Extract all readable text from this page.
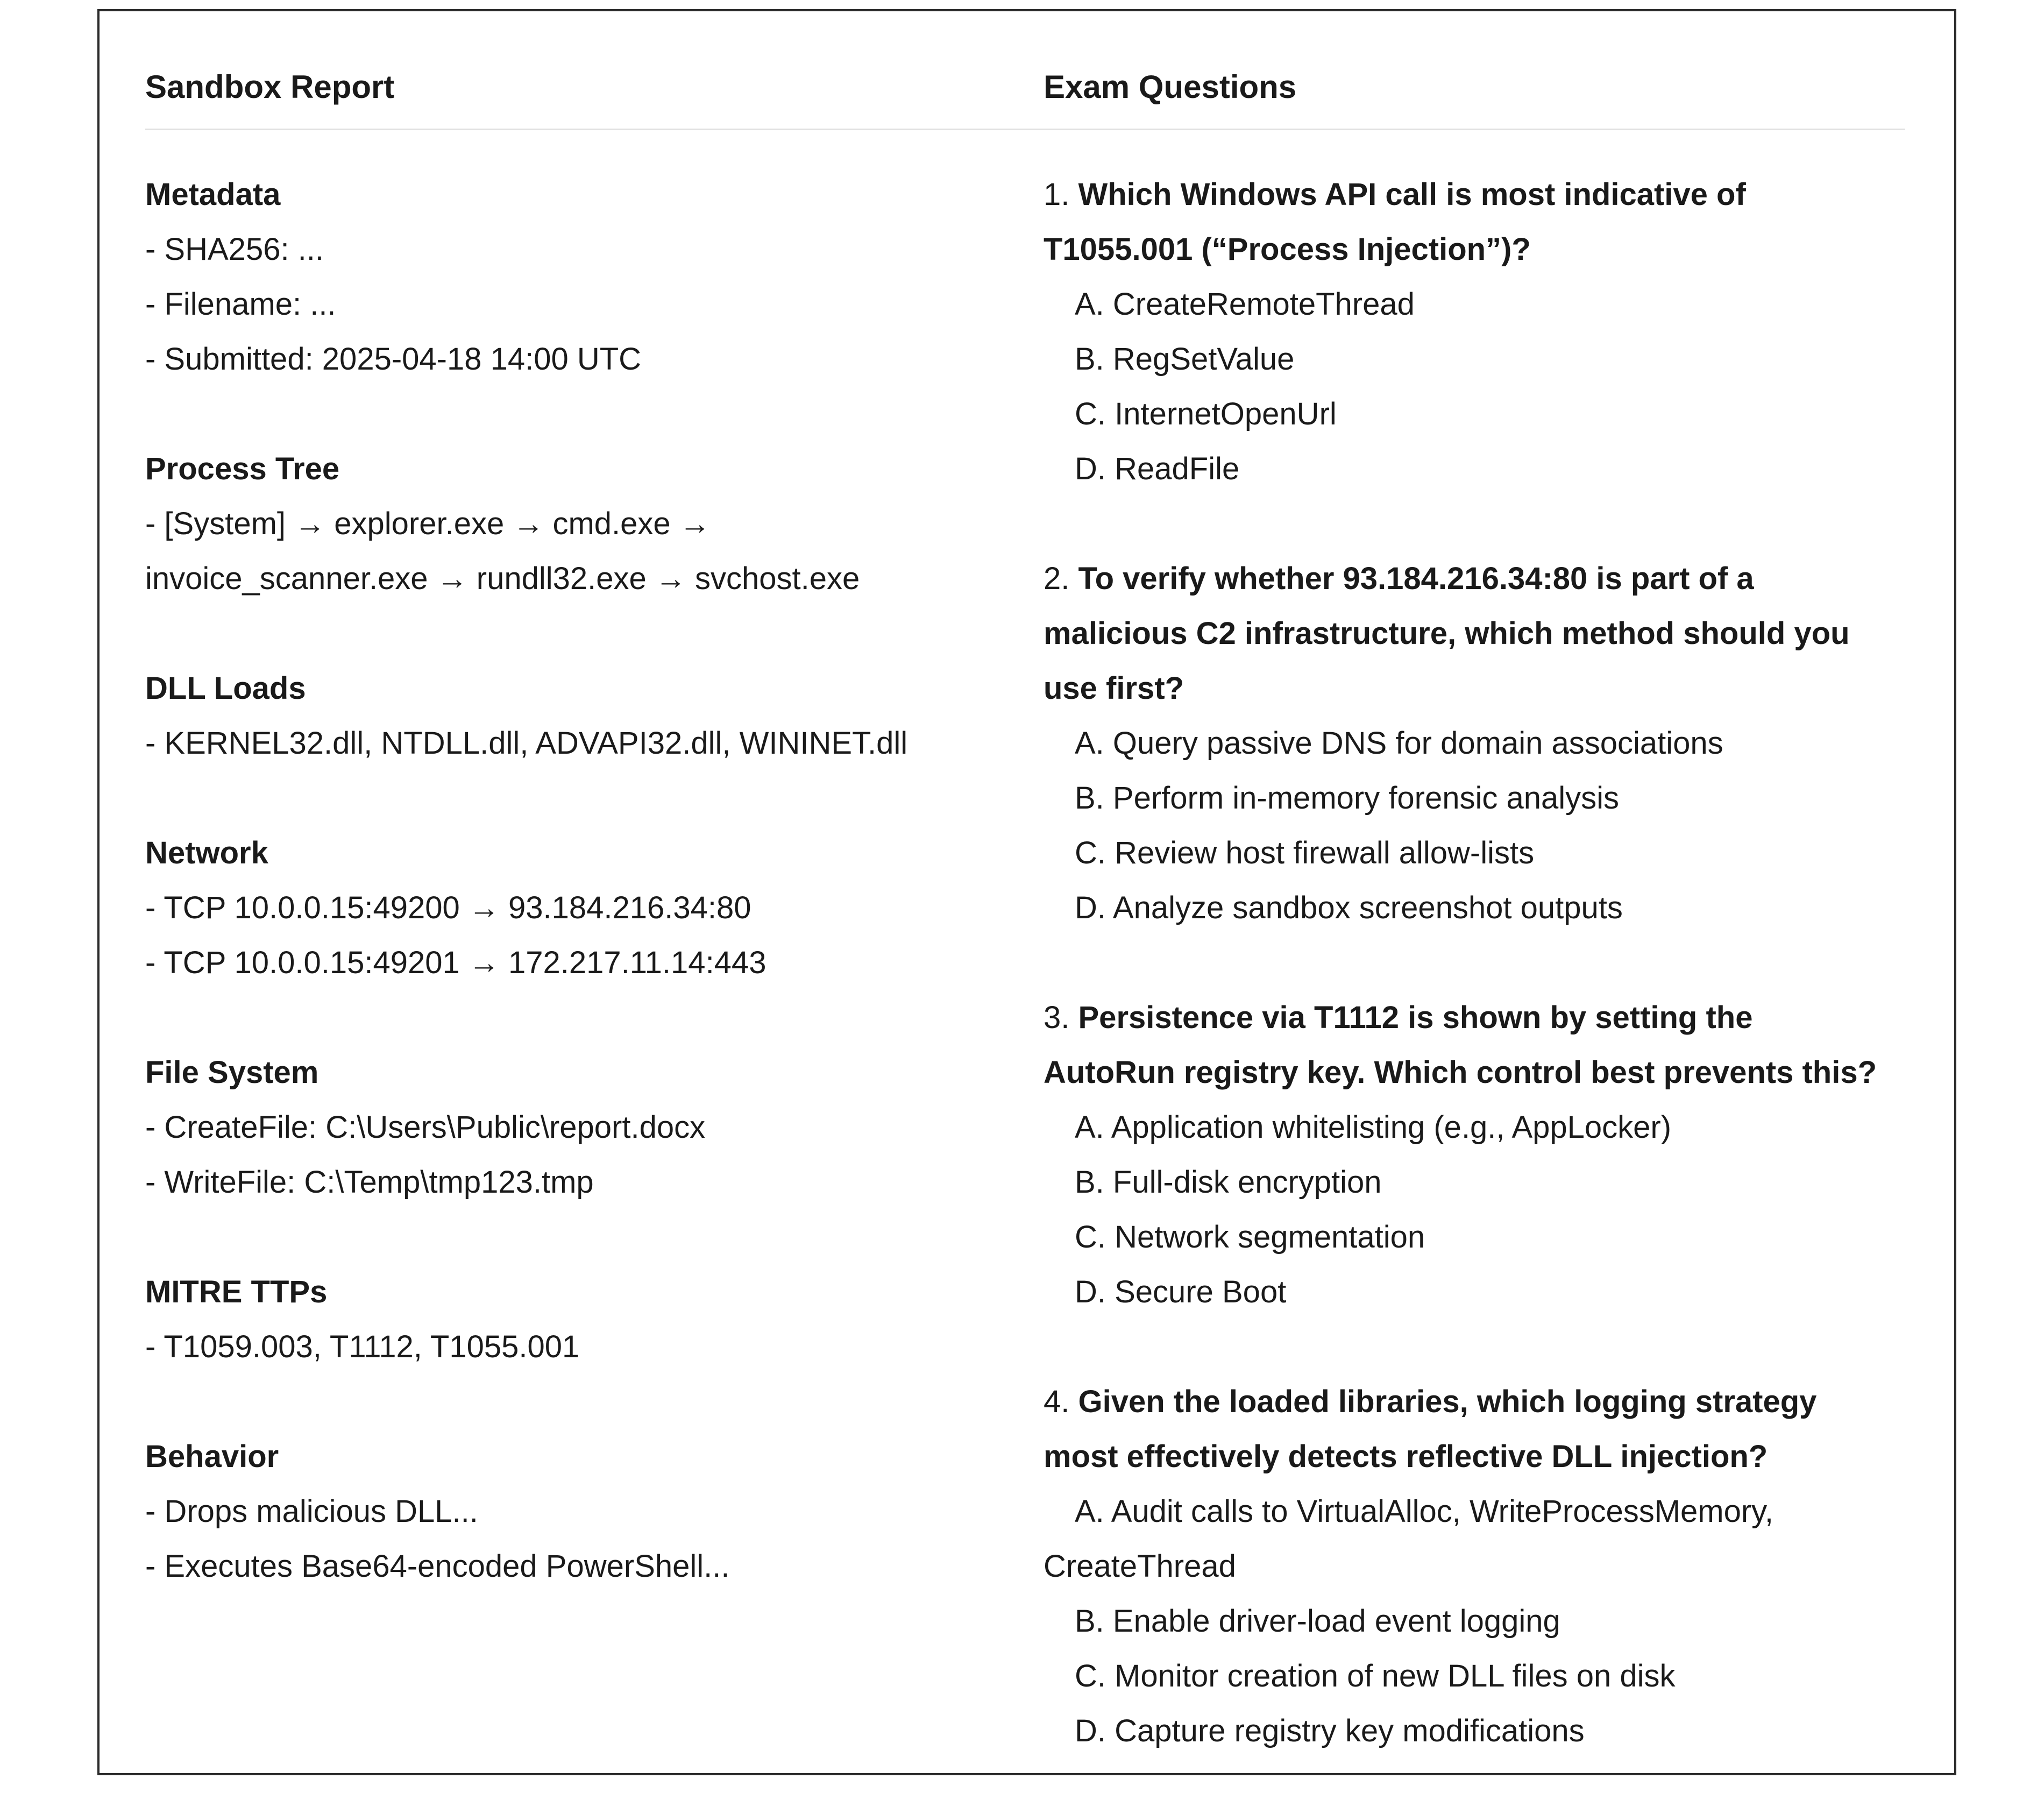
Sandbox Report
Metadata
- SHA256: ...
- Filename: ...
- Submitted: 2025-04-18 14:00 UTC
Process Tree
- [System] → explorer.exe → cmd.exe →
invoice_scanner.exe → rundll32.exe → svchost.exe
DLL Loads
- KERNEL32.dll, NTDLL.dll, ADVAPI32.dll, WININET.dll
Network
- TCP 10.0.0.15:49200 → 93.184.216.34:80
- TCP 10.0.0.15:49201 → 172.217.11.14:443
File System
- CreateFile: C:\Users\Public\report.docx
- WriteFile: C:\Temp\tmp123.tmp
MITRE TTPs
- T1059.003, T1112, T1055.001
Behavior
- Drops malicious DLL...
- Executes Base64-encoded PowerShell...
Exam Questions
1. Which Windows API call is most indicative of
T1055.001 (“Process Injection”)?
A. CreateRemoteThread
B. RegSetValue
C. InternetOpenUrl
D. ReadFile
2. To verify whether 93.184.216.34:80 is part of a
malicious C2 infrastructure, which method should you
use first?
A. Query passive DNS for domain associations
B. Perform in-memory forensic analysis
C. Review host firewall allow-lists
D. Analyze sandbox screenshot outputs
3. Persistence via T1112 is shown by setting the
AutoRun registry key. Which control best prevents this?
A. Application whitelisting (e.g., AppLocker)
B. Full-disk encryption
C. Network segmentation
D. Secure Boot
4. Given the loaded libraries, which logging strategy
most effectively detects reflective DLL injection?
A. Audit calls to VirtualAlloc, WriteProcessMemory,
CreateThread
B. Enable driver-load event logging
C. Monitor creation of new DLL files on disk
D. Capture registry key modifications
